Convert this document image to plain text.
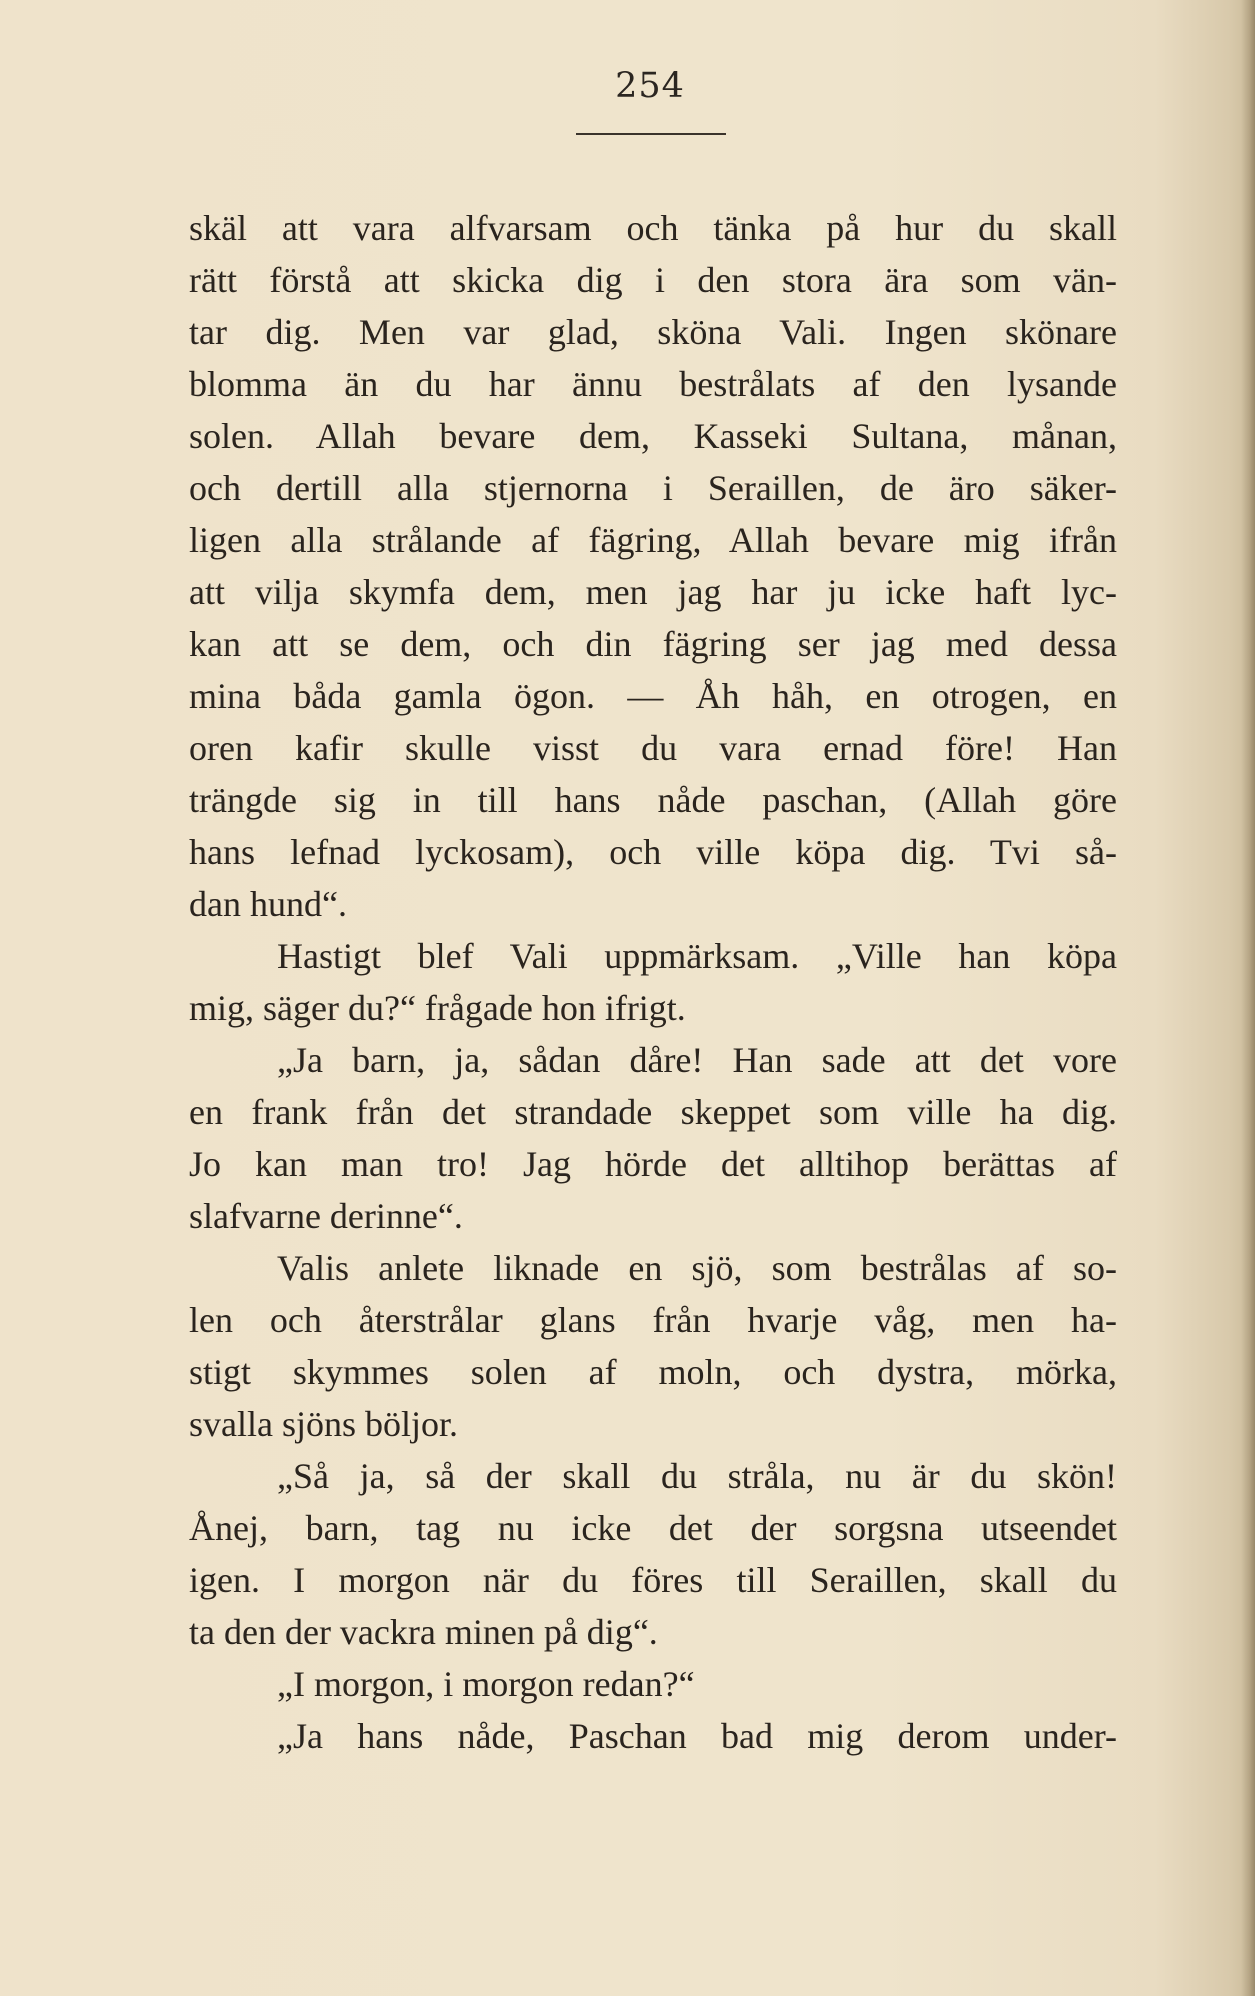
254
skäl att vara alfvarsam och tänka på hur du skall
rätt förstå att skicka dig i den stora ära som vän-
tar dig. Men var glad, sköna Vali. Ingen skönare
blomma än du har ännu bestrålats af den lysande
solen. Allah bevare dem, Kasseki Sultana, månan,
och dertill alla stjernorna i Seraillen, de äro säker-
ligen alla strålande af fägring, Allah bevare mig ifrån
att vilja skymfa dem, men jag har ju icke haft lyc-
kan att se dem, och din fägring ser jag med dessa
mina båda gamla ögon. — Åh håh, en otrogen, en
oren kafir skulle visst du vara ernad före! Han
trängde sig in till hans nåde paschan, (Allah göre
hans lefnad lyckosam), och ville köpa dig. Tvi så-
dan hund“.
Hastigt blef Vali uppmärksam. „Ville han köpa
mig, säger du?“ frågade hon ifrigt.
„Ja barn, ja, sådan dåre! Han sade att det vore
en frank från det strandade skeppet som ville ha dig.
Jo kan man tro! Jag hörde det alltihop berättas af
slafvarne derinne“.
Valis anlete liknade en sjö, som bestrålas af so-
len och återstrålar glans från hvarje våg, men ha-
stigt skymmes solen af moln, och dystra, mörka,
svalla sjöns böljor.
„Så ja, så der skall du stråla, nu är du skön!
Ånej, barn, tag nu icke det der sorgsna utseendet
igen. I morgon när du föres till Seraillen, skall du
ta den der vackra minen på dig“.
„I morgon, i morgon redan?“
„Ja hans nåde, Paschan bad mig derom under-
